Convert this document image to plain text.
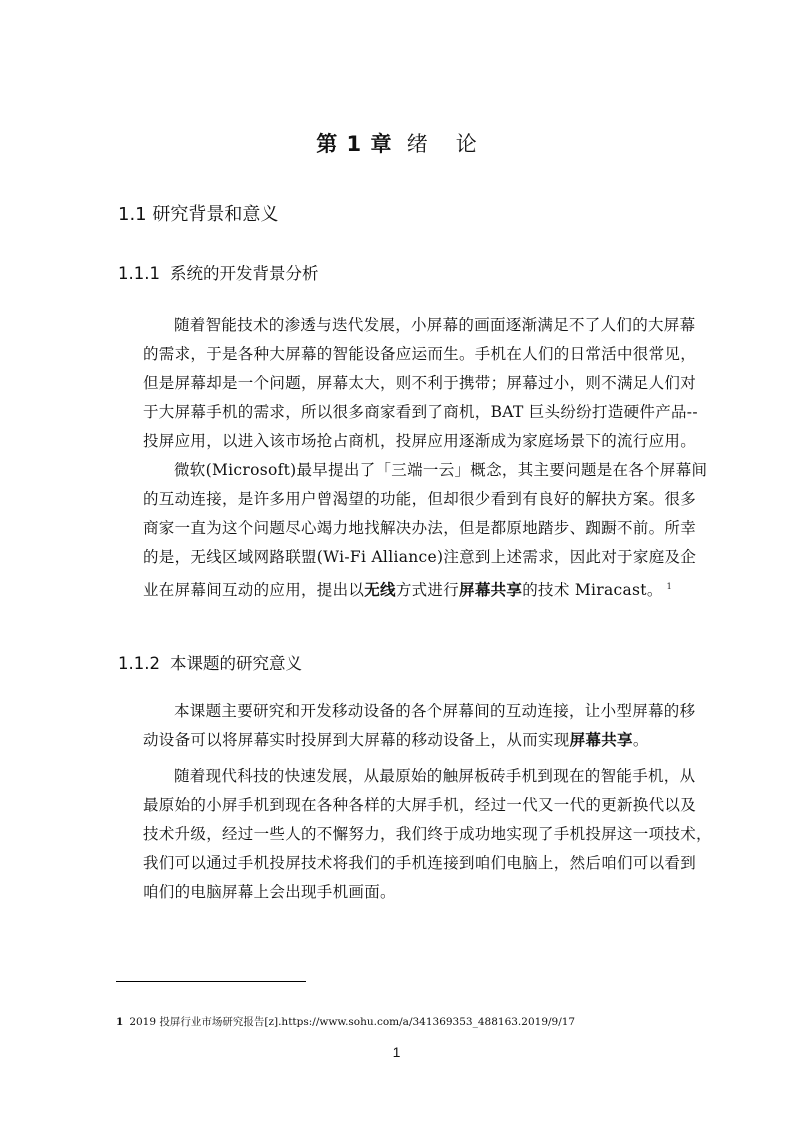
第 1 章 绪论
1.1 研究背景和意义
1.1.1 系统的开发背景分析
随着智能技术的渗透与迭代发展，小屏幕的画面逐渐满足不了人们的大屏幕
的需求，于是各种大屏幕的智能设备应运而生。手机在人们的日常活中很常见，
但是屏幕却是一个问题，屏幕太大，则不利于携带；屏幕过小，则不满足人们对
于大屏幕手机的需求，所以很多商家看到了商机，BAT 巨头纷纷打造硬件产品--
投屏应用，以进入该市场抢占商机，投屏应用逐渐成为家庭场景下的流行应用。
微软(Microsoft)最早提出了「三端一云」概念，其主要问题是在各个屏幕间
的互动连接，是许多用户曾渴望的功能，但却很少看到有良好的解抉方案。很多
商家一直为这个问题尽心竭力地找解决办法，但是都原地踏步、踟蹰不前。所幸
的是，无线区域网路联盟(Wi-Fi Alliance)注意到上述需求，因此对于家庭及企
业在屏幕间互动的应用，提出以无线方式进行屏幕共享的技术 Miracast。 $^1$
1.1.2 本课题的研究意义
本课题主要研究和开发移动设备的各个屏幕间的互动连接，让小型屏幕的移
动设备可以将屏幕实时投屏到大屏幕的移动设备上，从而实现屏幕共享。
随着现代科技的快速发展，从最原始的触屏板砖手机到现在的智能手机，从
最原始的小屏手机到现在各种各样的大屏手机，经过一代又一代的更新换代以及
技术升级，经过一些人的不懈努力，我们终于成功地实现了手机投屏这一项技术，
我们可以通过手机投屏技术将我们的手机连接到咱们电脑上，然后咱们可以看到
咱们的电脑屏幕上会出现手机画面。
1 2019 投屏行业市场研究报告[z].https://www.sohu.com/a/341369353_488163.2019/9/17
1
